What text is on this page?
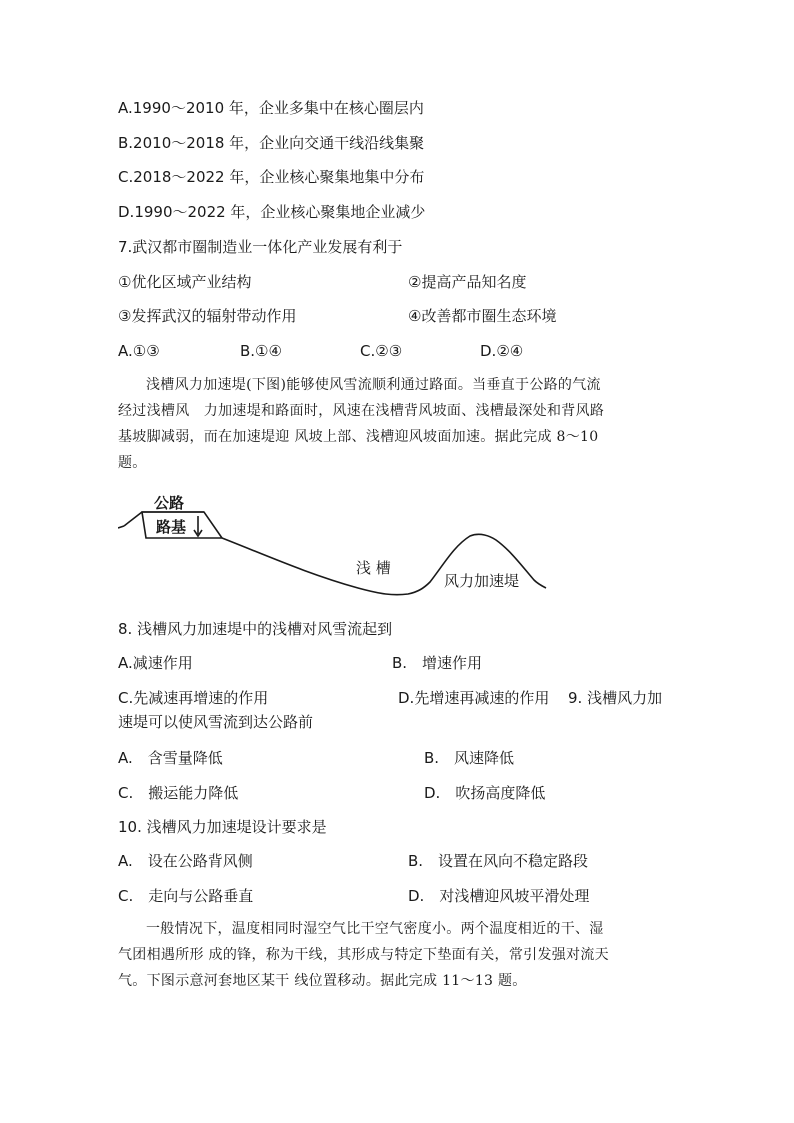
A.1990～2010 年，企业多集中在核心圈层内
B.2010～2018 年，企业向交通干线沿线集聚
C.2018～2022 年，企业核心聚集地集中分布
D.1990～2022 年，企业核心聚集地企业减少
7.武汉都市圈制造业一体化产业发展有利于
①优化区域产业结构	②提高产品知名度
③发挥武汉的辐射带动作用	④改善都市圈生态环境
A.①③	B.①④	C.②③	D.②④
浅槽风力加速堤(下图)能够使风雪流顺利通过路面。当垂直于公路的气流
经过浅槽风　力加速堤和路面时，风速在浅槽背风坡面、浅槽最深处和背风路
基坡脚减弱，而在加速堤迎 风坡上部、浅槽迎风坡面加速。据此完成 8～10
题。
公路
路基
浅 槽
风力加速堤
8. 浅槽风力加速堤中的浅槽对风雪流起到
A.减速作用	B.　增速作用
C.先减速再增速的作用	D.先增速再减速的作用 9. 浅槽风力加
速堤可以使风雪流到达公路前
A.　含雪量降低	B.　风速降低
C.　搬运能力降低	D.　吹扬高度降低
10. 浅槽风力加速堤设计要求是
A.　设在公路背风侧	B.　设置在风向不稳定路段
C.　走向与公路垂直	D.　对浅槽迎风坡平滑处理
一般情况下，温度相同时湿空气比干空气密度小。两个温度相近的干、湿
气团相遇所形 成的锋，称为干线，其形成与特定下垫面有关，常引发强对流天
气。下图示意河套地区某干 线位置移动。据此完成 11～13 题。
